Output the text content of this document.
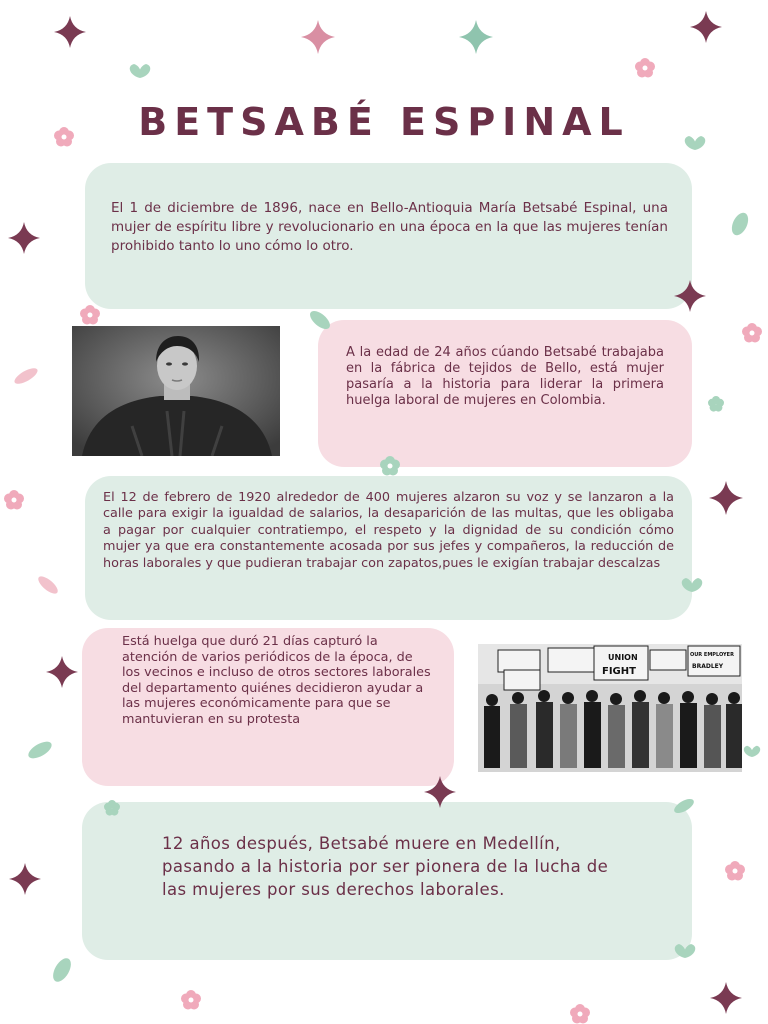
BETSABÉ ESPINAL

El 1 de diciembre de 1896, nace en Bello-Antioquia María Betsabé Espinal, una mujer de espíritu libre y revolucionario en una época en la que las mujeres tenían prohibido tanto lo uno cómo lo otro.

A la edad de 24 años cúando Betsabé trabajaba en la fábrica de tejidos de Bello, está mujer pasaría a la historia para liderar la primera huelga laboral de mujeres en Colombia.

El 12 de febrero de 1920 alrededor de 400 mujeres alzaron su voz y se lanzaron a la calle para exigir la igualdad de salarios, la desaparición de las multas, que les obligaba a pagar por cualquier contratiempo, el respeto y la dignidad de su condición cómo mujer ya que era constantemente acosada por sus jefes y compañeros, la reducción de horas laborales y que pudieran trabajar con zapatos,pues le exigían trabajar descalzas

Está huelga que duró 21 días capturó la atención de varios periódicos de la época, de los vecinos e incluso de otros sectores laborales del departamento quiénes decidieron ayudar a las mujeres económicamente para que se mantuvieran en su protesta

UNION
FIGHT
OUR EMPLOYER
BRADLEY

12 años después, Betsabé muere en Medellín, pasando a la historia por ser pionera de la lucha de las mujeres por sus derechos laborales.
